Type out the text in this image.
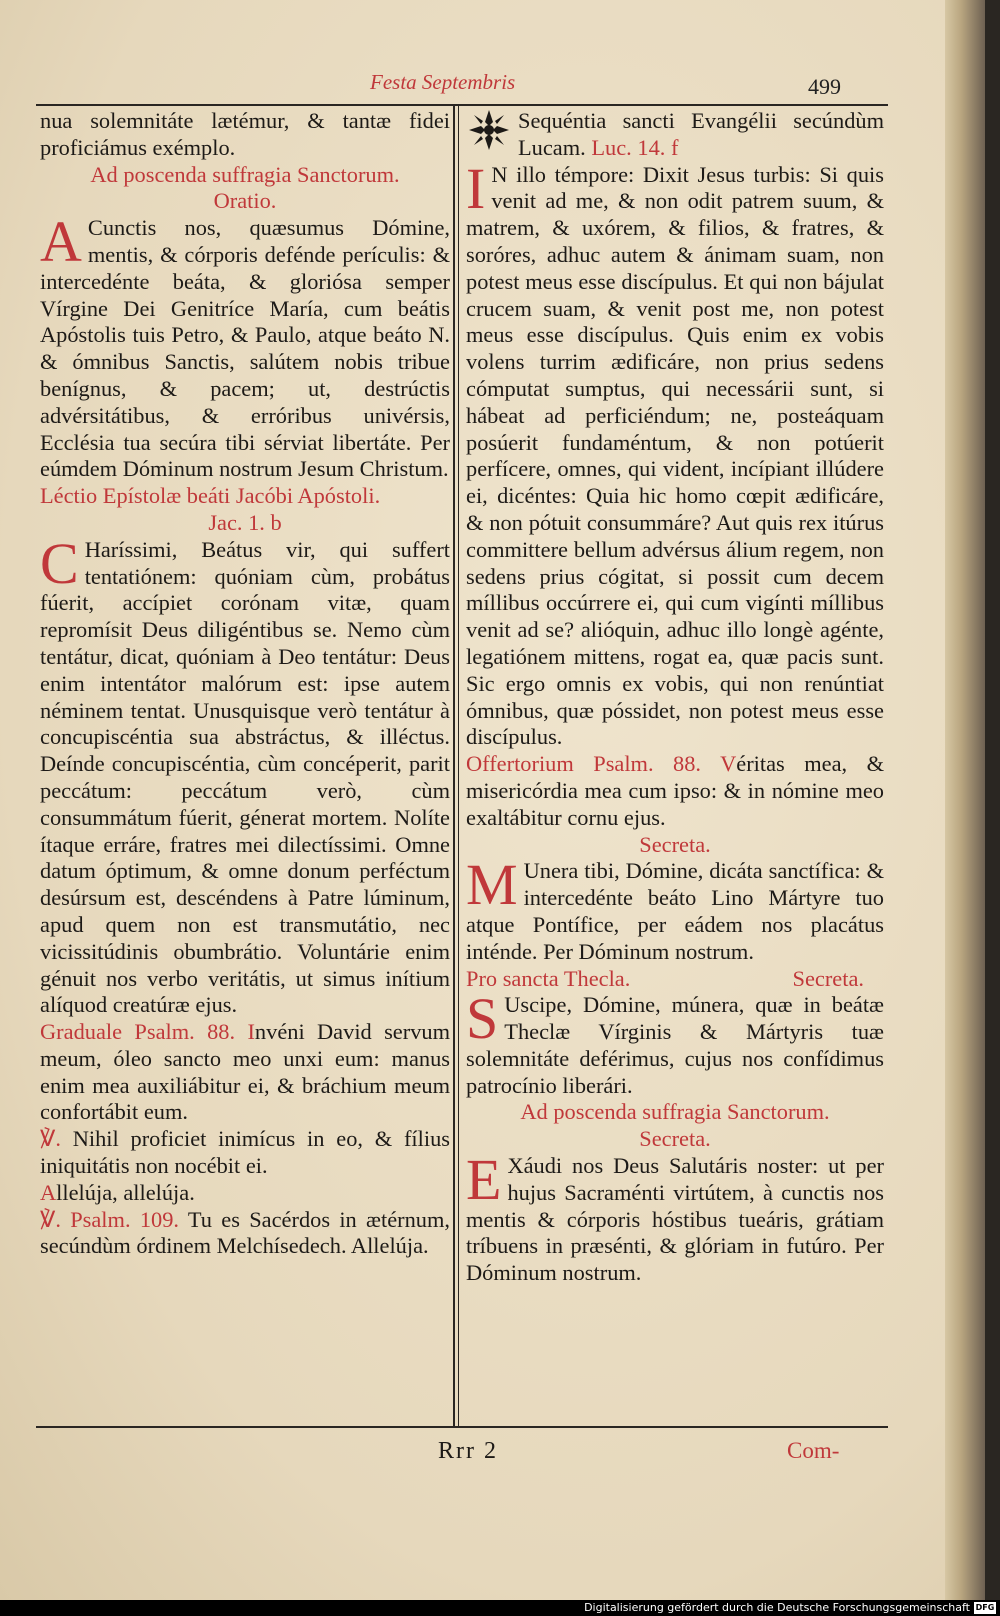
Festa Septembris	499

nua solemnitáte lætémur, & tantæ fidei proficiámus exémplo.

Ad poscenda suffragia Sanctorum.

Oratio.

A Cunctis nos, quæsumus Dómine, mentis, & córporis defénde perículis: & intercedénte beáta, & gloriósa semper Vírgine Dei Genitríce María, cum beátis Apóstolis tuis Petro, & Paulo, atque beáto N. & ómnibus Sanctis, salútem nobis tribue benígnus, & pacem; ut, destrúctis advérsitátibus, & erróribus univérsis, Ecclésia tua secúra tibi sérviat libertáte. Per eúmdem Dóminum nostrum Jesum Christum.

Léctio Epístolæ beáti Jacóbi Apóstoli.

Jac. 1. b

C Haríssimi, Beátus vir, qui suffert tentatiónem: quóniam cùm, probátus fúerit, accípiet corónam vitæ, quam repromísit Deus diligéntibus se. Nemo cùm tentátur, dicat, quóniam à Deo tentátur: Deus enim intentátor malórum est: ipse autem néminem tentat. Unusquisque verò tentátur à concupiscéntia sua abstráctus, & illéctus. Deínde concupiscéntia, cùm concéperit, parit peccátum: peccátum verò, cùm consummátum fúerit, génerat mortem. Nolíte ítaque erráre, fratres mei dilectíssimi. Omne datum óptimum, & omne donum perféctum desúrsum est, descéndens à Patre lúminum, apud quem non est transmutátio, nec vicissitúdinis obumbrátio. Voluntárie enim génuit nos verbo veritátis, ut simus inítium alíquod creatúræ ejus.

Graduale Psalm. 88. Invéni David servum meum, óleo sancto meo unxi eum: manus enim mea auxiliábitur ei, & bráchium meum confortábit eum.

℣. Nihil proficiet inimícus in eo, & fílius iniquitátis non nocébit ei.

Allelúja, allelúja.

℣. Psalm. 109. Tu es Sacérdos in ætérnum, secúndùm órdinem Melchísedech. Allelúja.

Sequéntia sancti Evangélii secúndùm Lucam. Luc. 14. f

I N illo témpore: Dixit Jesus turbis: Si quis venit ad me, & non odit patrem suum, & matrem, & uxórem, & filios, & fratres, & soróres, adhuc autem & ánimam suam, non potest meus esse discípulus. Et qui non bájulat crucem suam, & venit post me, non potest meus esse discípulus. Quis enim ex vobis volens turrim ædificáre, non prius sedens cómputat sumptus, qui necessárii sunt, si hábeat ad perficiéndum; ne, posteáquam posúerit fundaméntum, & non potúerit perfícere, omnes, qui vident, incípiant illúdere ei, dicéntes: Quia hic homo cœpit ædificáre, & non pótuit consummáre? Aut quis rex itúrus committere bellum advérsus álium regem, non sedens prius cógitat, si possit cum decem míllibus occúrrere ei, qui cum vigínti míllibus venit ad se? alióquin, adhuc illo longè agénte, legatiónem mittens, rogat ea, quæ pacis sunt. Sic ergo omnis ex vobis, qui non renúntiat ómnibus, quæ póssidet, non potest meus esse discípulus.

Offertorium Psalm. 88. Véritas mea, & misericórdia mea cum ipso: & in nómine meo exaltábitur cornu ejus.

Secreta.

M Unera tibi, Dómine, dicáta sanctífica: & intercedénte beáto Lino Mártyre tuo atque Pontífice, per eádem nos placátus inténde. Per Dóminum nostrum.

Pro sancta Thecla.	Secreta.

S Uscipe, Dómine, múnera, quæ in beátæ Theclæ Vírginis & Mártyris tuæ solemnitáte deférimus, cujus nos confídimus patrocínio liberári.

Ad poscenda suffragia Sanctorum.

Secreta.

E Xáudi nos Deus Salutáris noster: ut per hujus Sacraménti virtútem, à cunctis nos mentis & córporis hóstibus tueáris, grátiam tríbuens in præsénti, & glóriam in futúro. Per Dóminum nostrum.

Rrr 2	Com-
Digitalisierung gefördert durch die Deutsche Forschungsgemeinschaft DFG
